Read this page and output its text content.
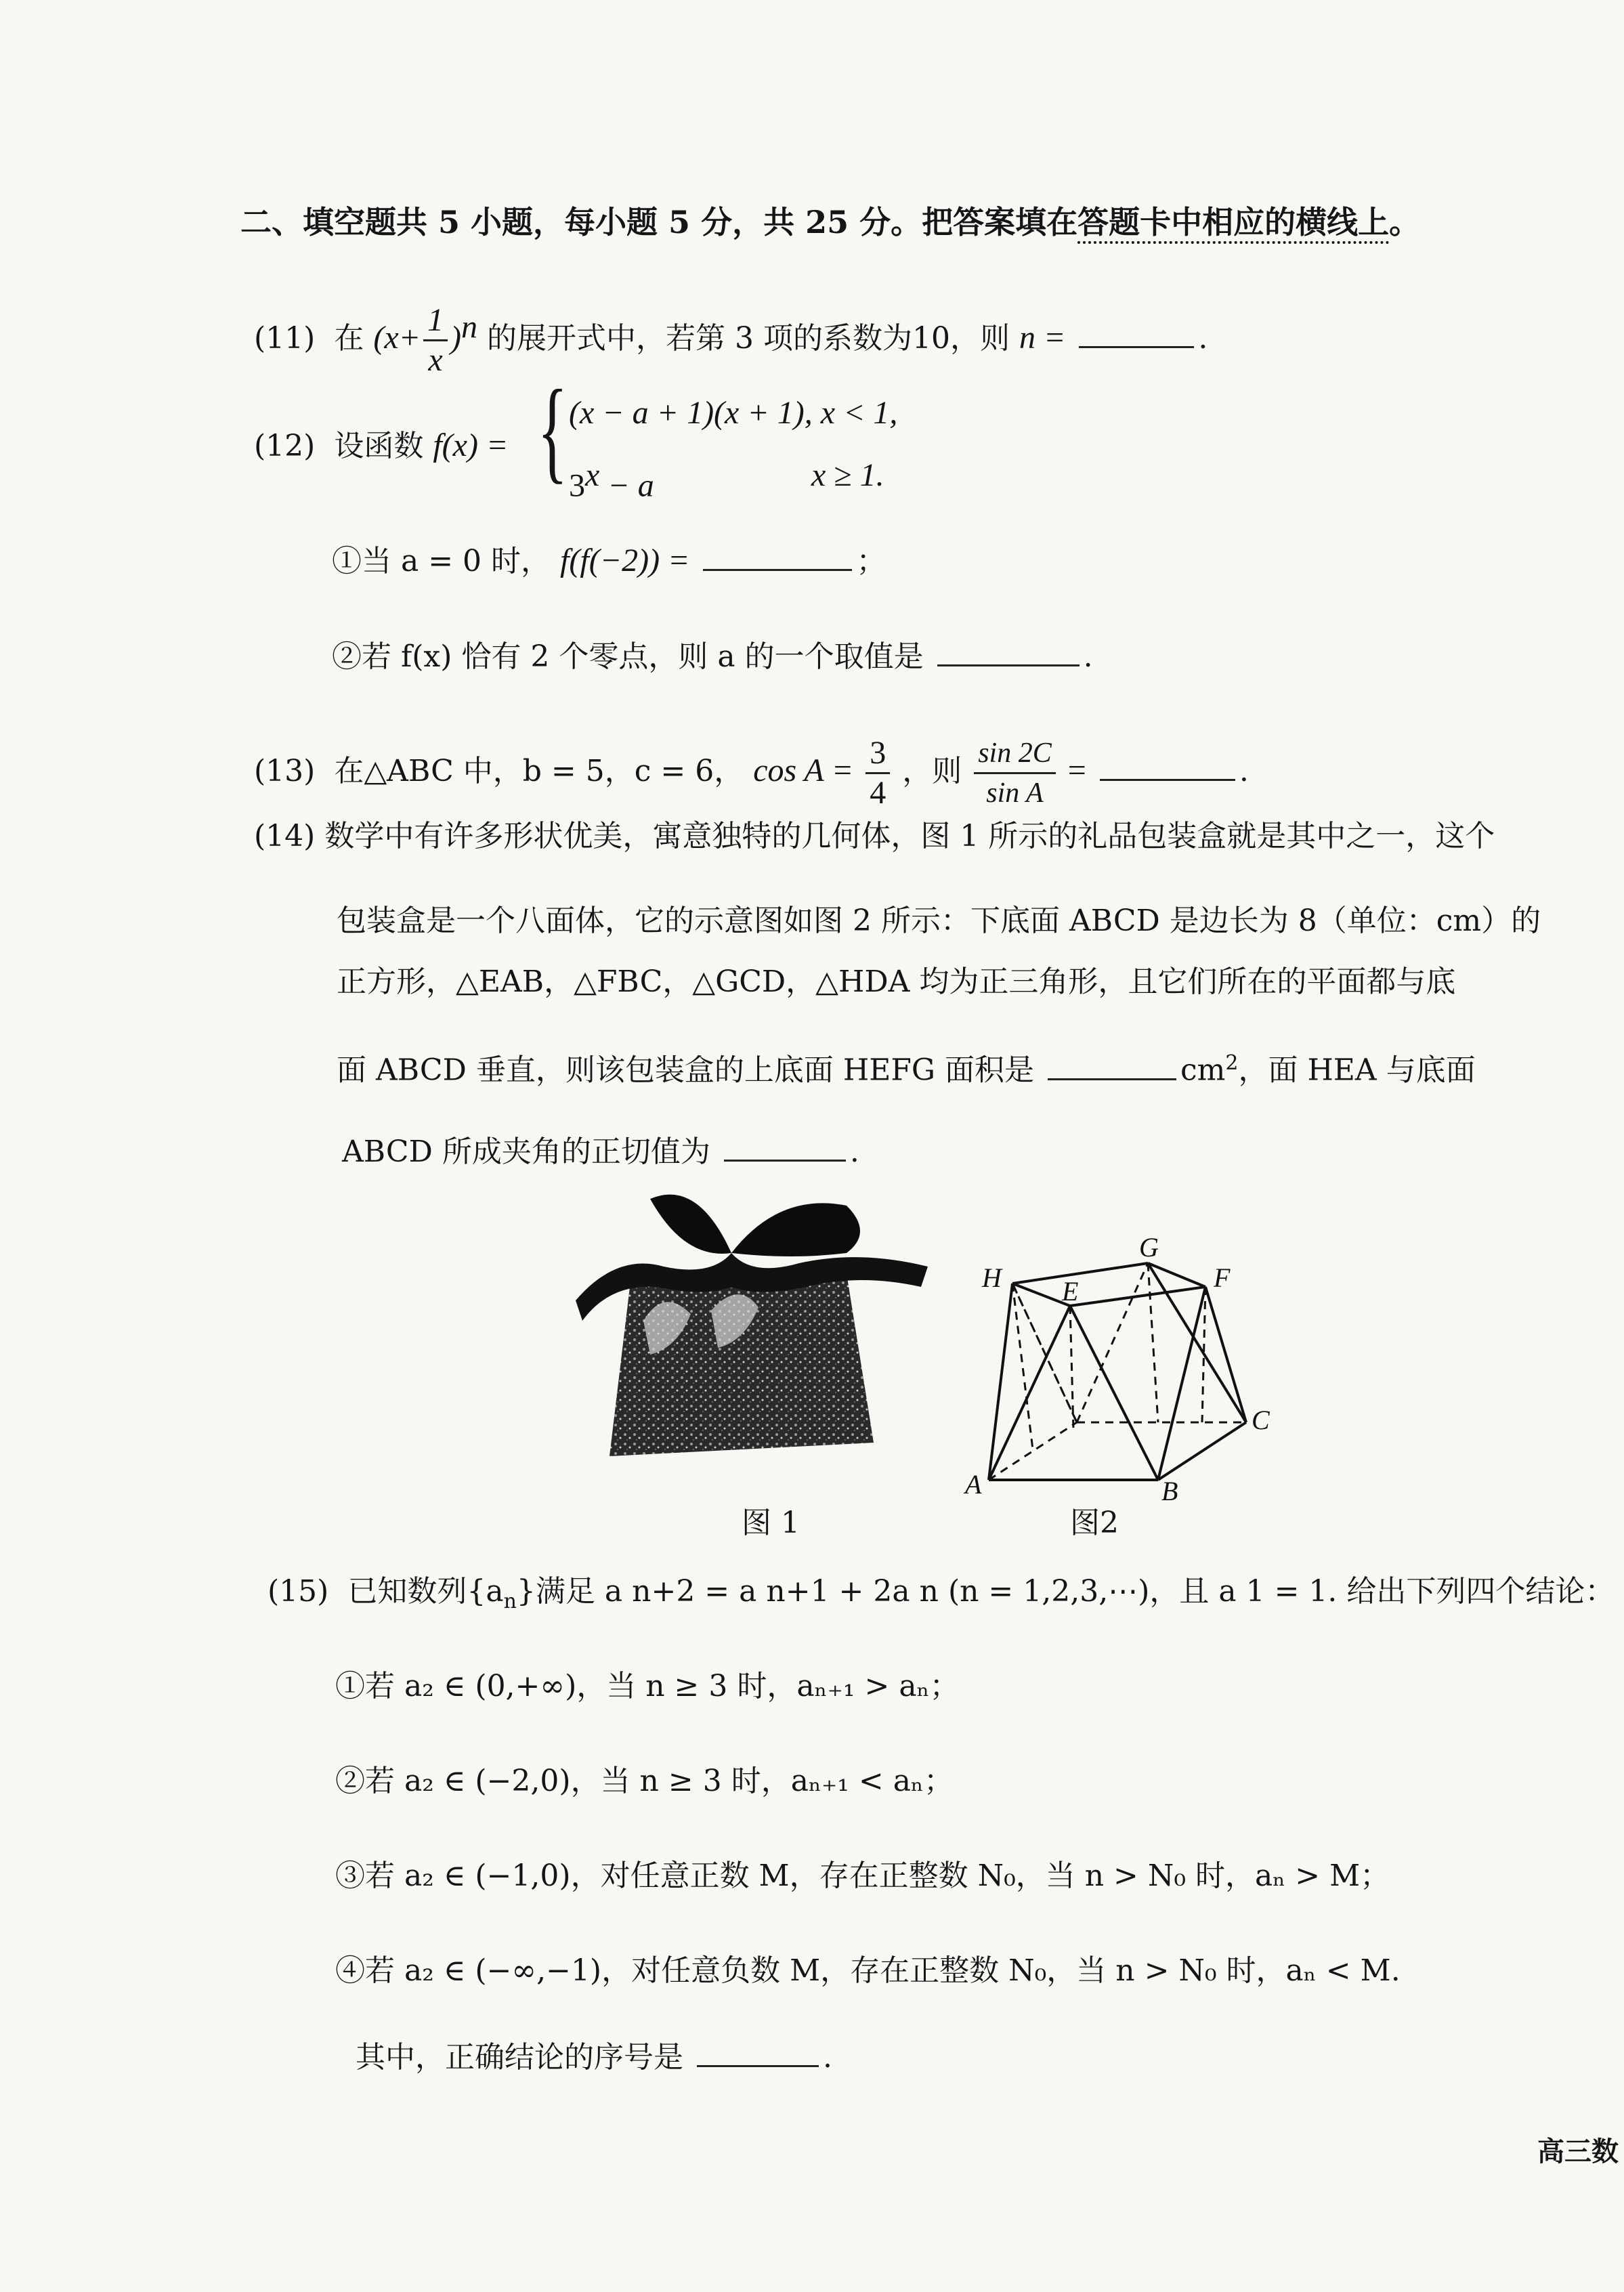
二、填空题共 5 小题，每小题 5 分，共 25 分。把答案填在答题卡中相应的横线上。
(11) 在 $(x+ \frac{1}{x} )^n$ 的展开式中，若第 3 项的系数为10，则 n =	.
(12) 设函数 f(x) = { (x − a + 1)(x + 1), x < 1,
$3^x - a$	x ≥ 1.
①当 a = 0 时， f(f(−2)) =	；
②若 f(x) 恰有 2 个零点，则 a 的一个取值是	.
(13) 在△ABC 中，b = 5，c = 6， $\cos A = \frac{3}{4}$ ，则 $\frac{\sin 2C}{\text{sin A}}$ =	.
(14) 数学中有许多形状优美，寓意独特的几何体，图 1 所示的礼品包装盒就是其中之一，这个
包装盒是一个八面体，它的示意图如图 2 所示：下底面 ABCD 是边长为 8（单位：cm）的
正方形，△EAB，△FBC，△GCD，△HDA 均为正三角形，且它们所在的平面都与底
面 ABCD 垂直，则该包装盒的上底面 HEFG 面积是	$cm^2$，面 HEA 与底面
ABCD 所成夹角的正切值为	.
图 1
H E
G
F
A	B
C
图2
(15) 已知数列$\{a_n\}$满足 a n+2 = a n+1 + 2a n (n = 1,2,3,⋯)，且 a 1 = 1. 给出下列四个结论：
①若 a₂ ∈ (0,+∞)，当 n ≥ 3 时，aₙ₊₁ > aₙ；
②若 a₂ ∈ (−2,0)，当 n ≥ 3 时，aₙ₊₁ < aₙ；
③若 a₂ ∈ (−1,0)，对任意正数 M，存在正整数 N₀，当 n > N₀ 时，aₙ > M；
④若 a₂ ∈ (−∞,−1)，对任意负数 M，存在正整数 N₀，当 n > N₀ 时，aₙ < M.
其中，正确结论的序号是	.
高三数
